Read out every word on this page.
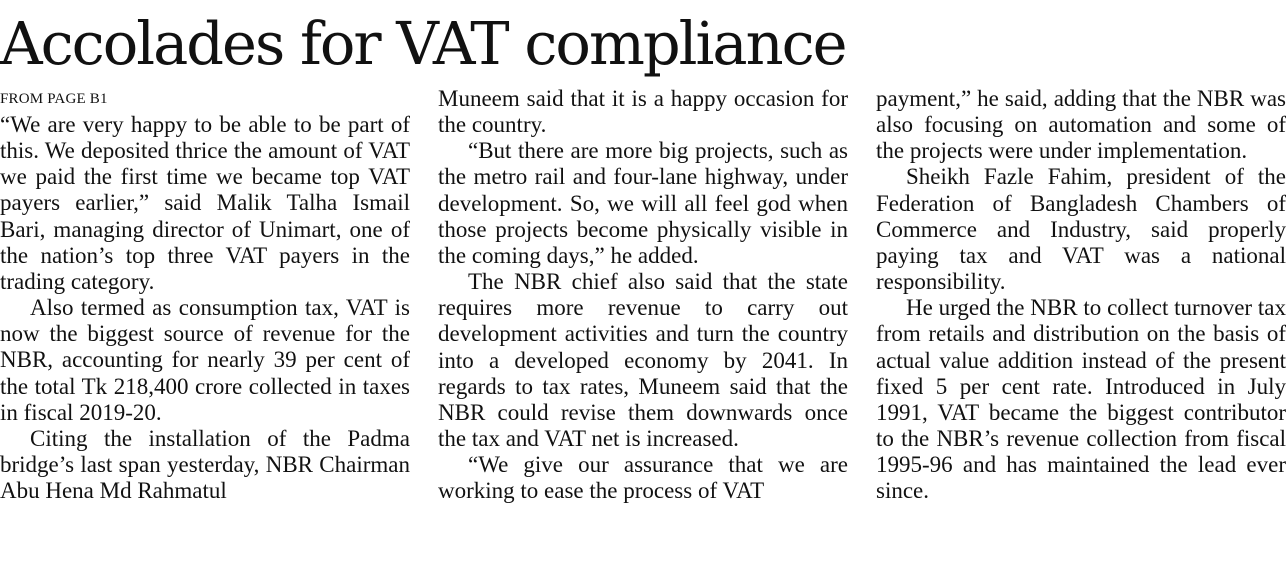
Accolades for VAT compliance
FROM PAGE B1

“We are very happy to be able to be part of this. We deposited thrice the amount of VAT we paid the first time we became top VAT payers earlier,” said Malik Talha Ismail Bari, managing director of Unimart, one of the nation’s top three VAT payers in the trading category.

Also termed as consumption tax, VAT is now the biggest source of revenue for the NBR, accounting for nearly 39 per cent of the total Tk 218,400 crore collected in taxes in fiscal 2019-20.

Citing the installation of the Padma bridge’s last span yesterday, NBR Chairman Abu Hena Md Rahmatul

Muneem said that it is a happy occasion for the country.

“But there are more big projects, such as the metro rail and four-lane highway, under development. So, we will all feel god when those projects become physically visible in the coming days,” he added.

The NBR chief also said that the state requires more revenue to carry out development activities and turn the country into a developed economy by 2041. In regards to tax rates, Muneem said that the NBR could revise them downwards once the tax and VAT net is increased.

“We give our assurance that we are working to ease the process of VAT

payment,” he said, adding that the NBR was also focusing on automation and some of the projects were under implementation.

Sheikh Fazle Fahim, president of the Federation of Bangladesh Chambers of Commerce and Industry, said properly paying tax and VAT was a national responsibility.

He urged the NBR to collect turnover tax from retails and distribution on the basis of actual value addition instead of the present fixed 5 per cent rate. Introduced in July 1991, VAT became the biggest contributor to the NBR’s revenue collection from fiscal 1995-96 and has maintained the lead ever since.
